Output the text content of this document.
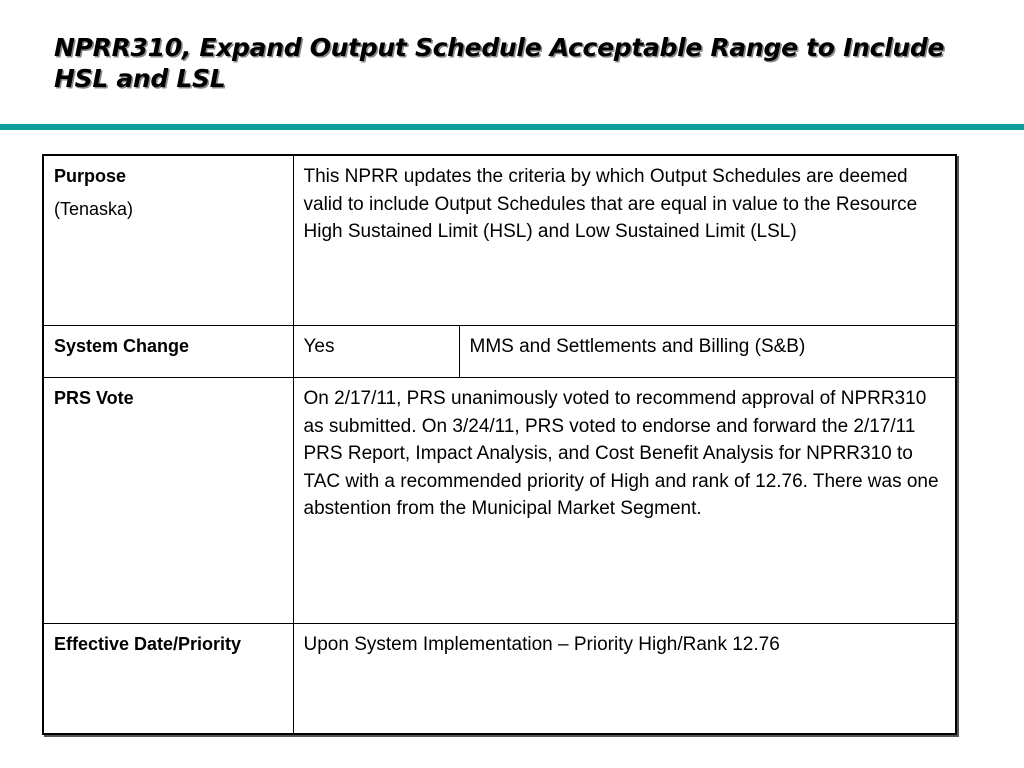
NPRR310, Expand Output Schedule Acceptable Range to Include HSL and LSL
Purpose
(Tenaska)	This NPRR updates the criteria by which Output Schedules are deemed valid to include Output Schedules that are equal in value to the Resource High Sustained Limit (HSL) and Low Sustained Limit (LSL)	
System Change	Yes	MMS and Settlements and Billing (S&B)
PRS Vote	On 2/17/11, PRS unanimously voted to recommend approval of NPRR310 as submitted. On 3/24/11, PRS voted to endorse and forward the 2/17/11 PRS Report, Impact Analysis, and Cost Benefit Analysis for NPRR310 to TAC with a recommended priority of High and rank of 12.76. There was one abstention from the Municipal Market Segment.	
Effective Date/Priority	Upon System Implementation – Priority High/Rank 12.76	
